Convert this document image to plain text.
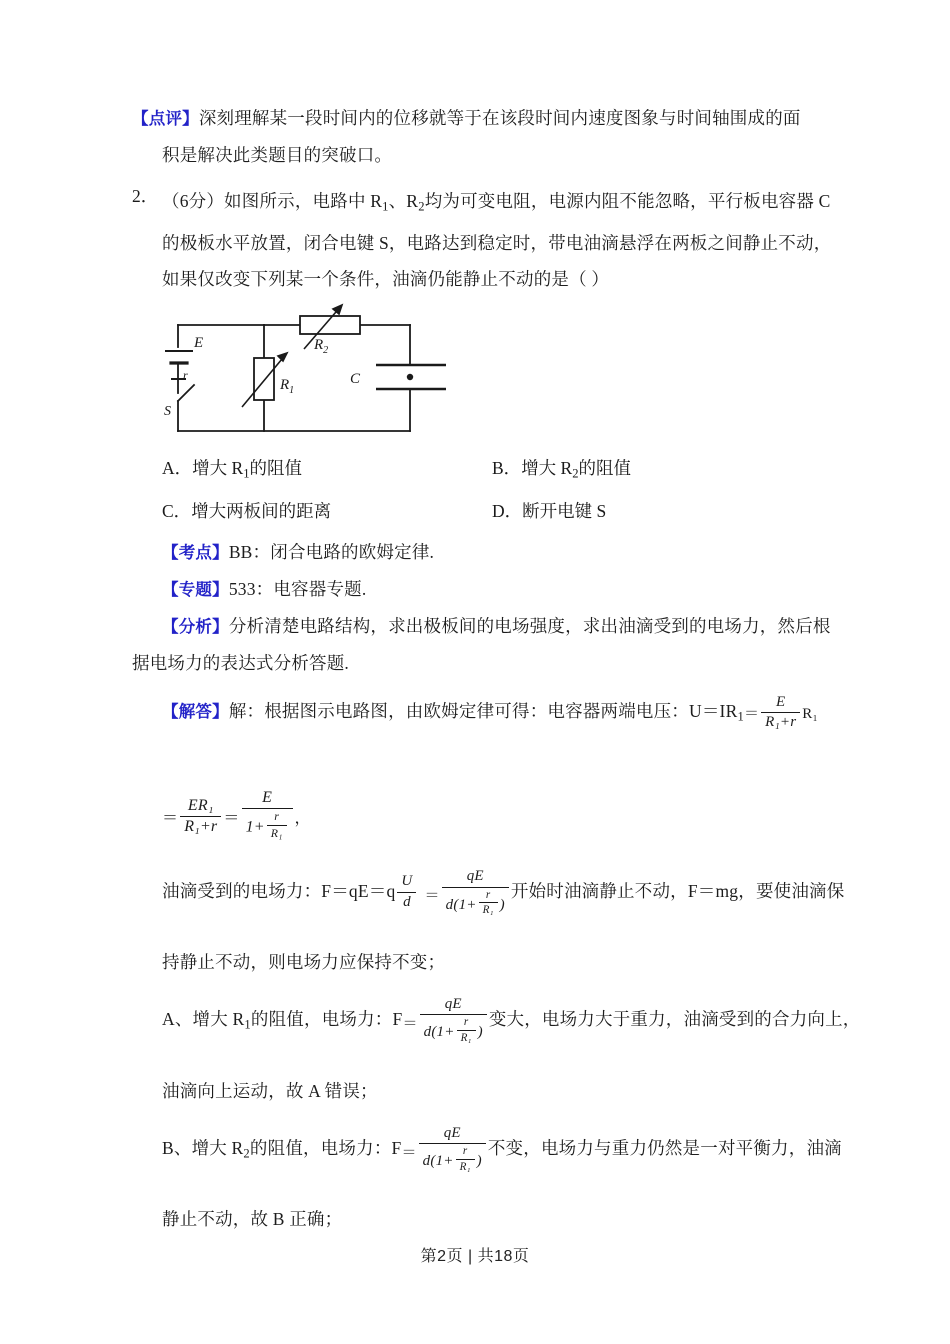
【点评】深刻理解某一段时间内的位移就等于在该段时间内速度图象与时间轴围成的面
积是解决此类题目的突破口。
2． （6分）如图所示，电路中 $R_1$、$R_2$均为可变电阻，电源内阻不能忽略，平行板电容器 C
的极板水平放置，闭合电键 S，电路达到稳定时，带电油滴悬浮在两板之间静止不动，
如果仅改变下列某一个条件，油滴仍能静止不动的是（ ）
E
r
S
$R_1$
$R_2$
C
A．增大 $R_1$的阻值	B．增大 $R_2$的阻值
C．增大两板间的距离	D．断开电键 S
【考点】BB：闭合电路的欧姆定律.
【专题】533：电容器专题.
【分析】分析清楚电路结构，求出极板间的电场强度，求出油滴受到的电场力，然后根
据电场力的表达式分析答题.
【解答】解：根据图示电路图，由欧姆定律可得：电容器两端电压：$U=IR_1= \frac{E}{\text{R₁+r}} R_1$
＝ $\frac{\text{ER₁}}{\text{R₁+r}} = \frac{E}{1+ \frac{r}{\text{R₁}}}$ ，
油滴受到的电场力：$F=qE=q \frac{U}{d} = \frac{qE}{d(1+ \frac{r}{\text{R₁}} )}$ 开始时油滴静止不动，F＝mg，要使油滴保
持静止不动，则电场力应保持不变；
A、增大 $R_1$的阻值，电场力：$F= \frac{qE}{d(1+ \frac{r}{\text{R₁}} )}$ 变大，电场力大于重力，油滴受到的合力向上，
油滴向上运动，故 A 错误；
B、增大 $R_2$的阻值，电场力：$F= \frac{qE}{d(1+ \frac{r}{\text{R₁}} )}$ 不变，电场力与重力仍然是一对平衡力，油滴
静止不动，故 B 正确；
第2页 | 共18页
